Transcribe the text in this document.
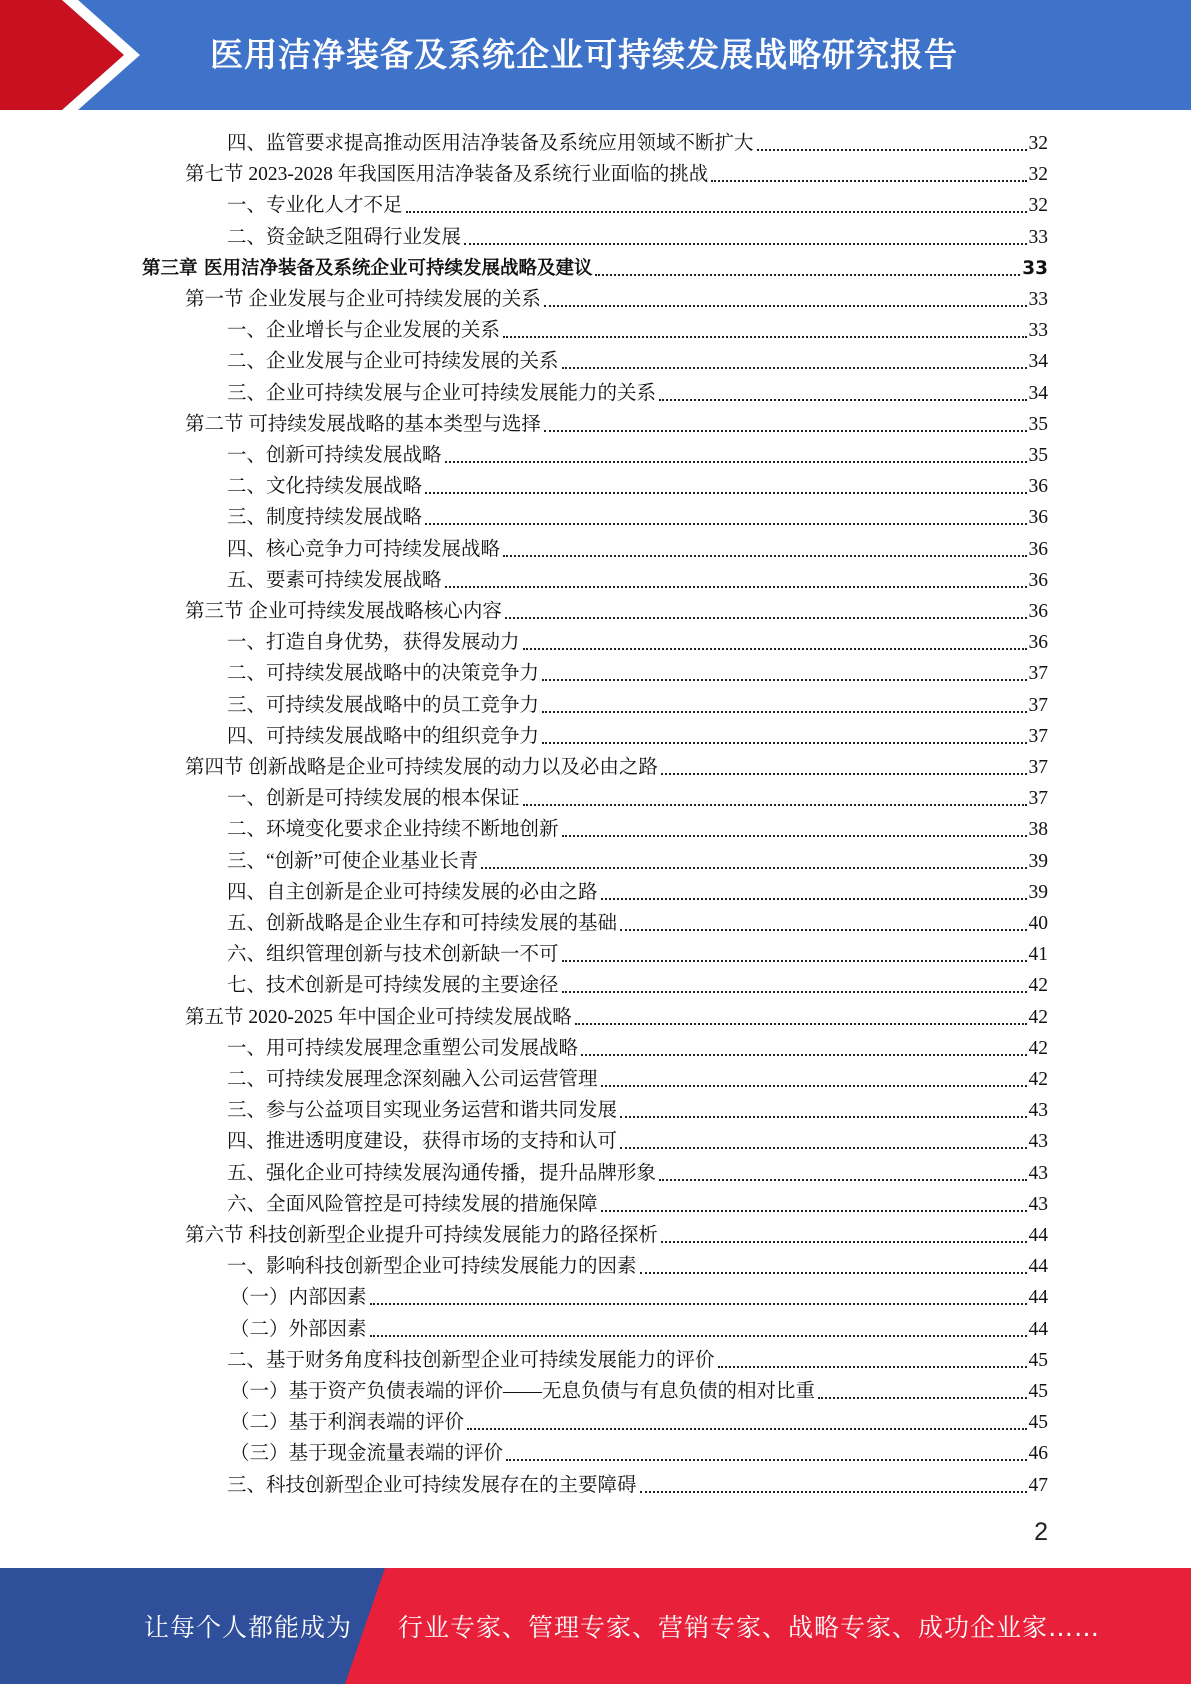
医用洁净装备及系统企业可持续发展战略研究报告
四、监管要求提高推动医用洁净装备及系统应用领域不断扩大	32
第七节 2023-2028 年我国医用洁净装备及系统行业面临的挑战	32
一、专业化人才不足	32
二、资金缺乏阻碍行业发展	33
第三章 医用洁净装备及系统企业可持续发展战略及建议	33
第一节 企业发展与企业可持续发展的关系	33
一、企业增长与企业发展的关系	33
二、企业发展与企业可持续发展的关系	34
三、企业可持续发展与企业可持续发展能力的关系	34
第二节 可持续发展战略的基本类型与选择	35
一、创新可持续发展战略	35
二、文化持续发展战略	36
三、制度持续发展战略	36
四、核心竞争力可持续发展战略	36
五、要素可持续发展战略	36
第三节 企业可持续发展战略核心内容	36
一、打造自身优势，获得发展动力	36
二、可持续发展战略中的决策竞争力	37
三、可持续发展战略中的员工竞争力	37
四、可持续发展战略中的组织竞争力	37
第四节 创新战略是企业可持续发展的动力以及必由之路	37
一、创新是可持续发展的根本保证	37
二、环境变化要求企业持续不断地创新	38
三、“创新”可使企业基业长青	39
四、自主创新是企业可持续发展的必由之路	39
五、创新战略是企业生存和可持续发展的基础	40
六、组织管理创新与技术创新缺一不可	41
七、技术创新是可持续发展的主要途径	42
第五节 2020-2025 年中国企业可持续发展战略	42
一、用可持续发展理念重塑公司发展战略	42
二、可持续发展理念深刻融入公司运营管理	42
三、参与公益项目实现业务运营和谐共同发展	43
四、推进透明度建设，获得市场的支持和认可	43
五、强化企业可持续发展沟通传播，提升品牌形象	43
六、全面风险管控是可持续发展的措施保障	43
第六节 科技创新型企业提升可持续发展能力的路径探析	44
一、影响科技创新型企业可持续发展能力的因素	44
（一）内部因素	44
（二）外部因素	44
二、基于财务角度科技创新型企业可持续发展能力的评价	45
（一）基于资产负债表端的评价——无息负债与有息负债的相对比重	45
（二）基于利润表端的评价	45
（三）基于现金流量表端的评价	46
三、科技创新型企业可持续发展存在的主要障碍	47
2
让每个人都能成为 行业专家、管理专家、营销专家、战略专家、成功企业家……
